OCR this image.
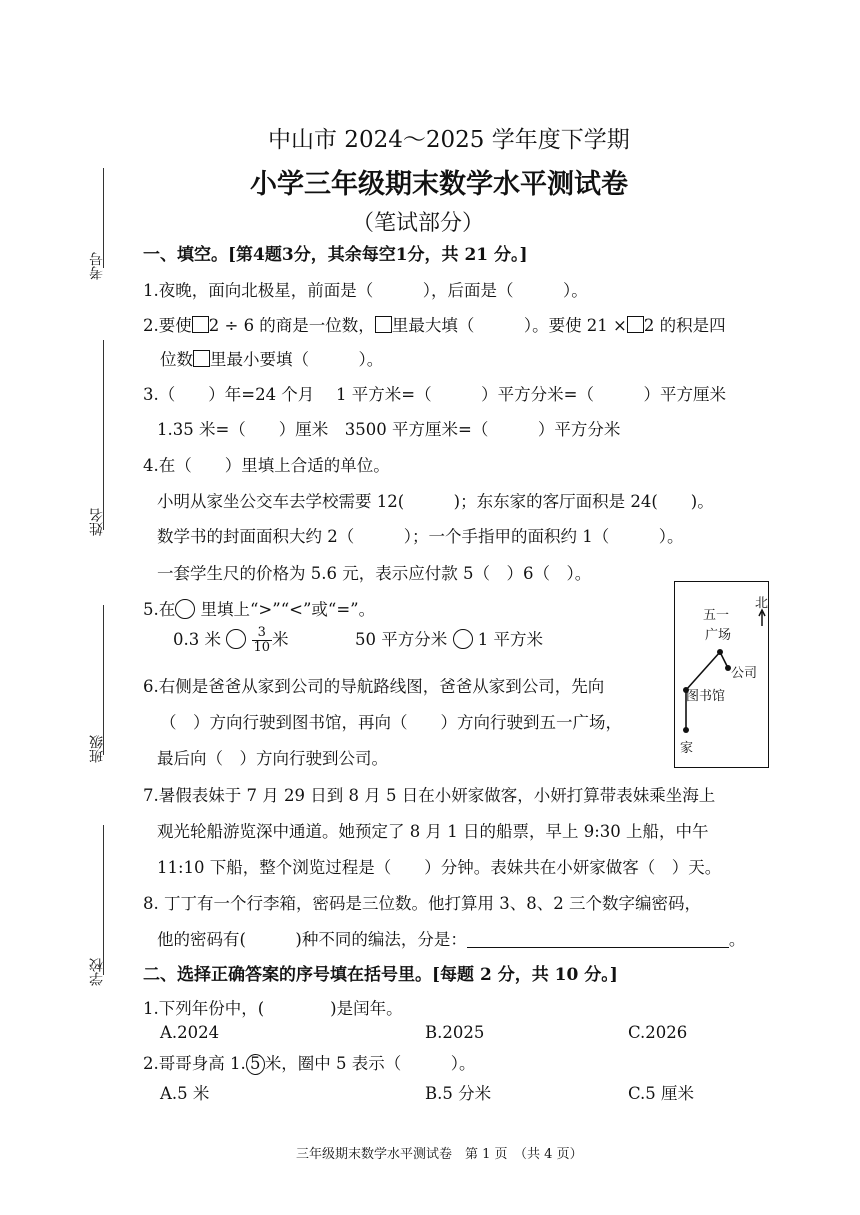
考号
姓名
班级
学校
中山市 2024～2025 学年度下学期
小学三年级期末数学水平测试卷
（笔试部分）
一、填空。[第4题3分，其余每空1分，共 21 分。]
1.夜晚，面向北极星，前面是（　　　），后面是（　　　）。
2.要使 2 ÷ 6 的商是一位数， 里最大填（　　　）。要使 21 × 2 的积是四
位数 里最小要填（　　　）。
3.（　　）年=24 个月　 1 平方米=（　　　）平方分米=（　　　）平方厘米
1.35 米=（　　）厘米　3500 平方厘米=（　　　）平方分米
4.在（　　）里填上合适的单位。
小明从家坐公交车去学校需要 12(　　　)；东东家的客厅面积是 24(　　)。
数学书的封面面积大约 2（　　　）；一个手指甲的面积约 1（　　　）。
一套学生尺的价格为 5.6 元，表示应付款 5（　）6（　）。
5.在 里填上“>”“<”或“=”。
0.3 米 $\frac{3}{10}$ 米	50 平方分米 1 平方米
北
五一
广场
公司
图书馆
家
6.右侧是爸爸从家到公司的导航路线图，爸爸从家到公司，先向
（　）方向行驶到图书馆，再向（　　）方向行驶到五一广场，
最后向（　）方向行驶到公司。
7.暑假表妹于 7 月 29 日到 8 月 5 日在小妍家做客，小妍打算带表妹乘坐海上
观光轮船游览深中通道。她预定了 8 月 1 日的船票，早上 9:30 上船，中午
11:10 下船，整个浏览过程是（　　）分钟。表妹共在小妍家做客（　）天。
8. 丁丁有一个行李箱，密码是三位数。他打算用 3、8、2 三个数字编密码，
他的密码有(　　　)种不同的编法，分是：	。
二、选择正确答案的序号填在括号里。[每题 2 分，共 10 分。]
1.下列年份中，(　　　　)是闰年。
A.2024	B.2025	C.2026
2.哥哥身高 1. 5 米，圈中 5 表示（　　　）。
A.5 米	B.5 分米	C.5 厘米
三年级期末数学水平测试卷　第 1 页　（共 4 页）
